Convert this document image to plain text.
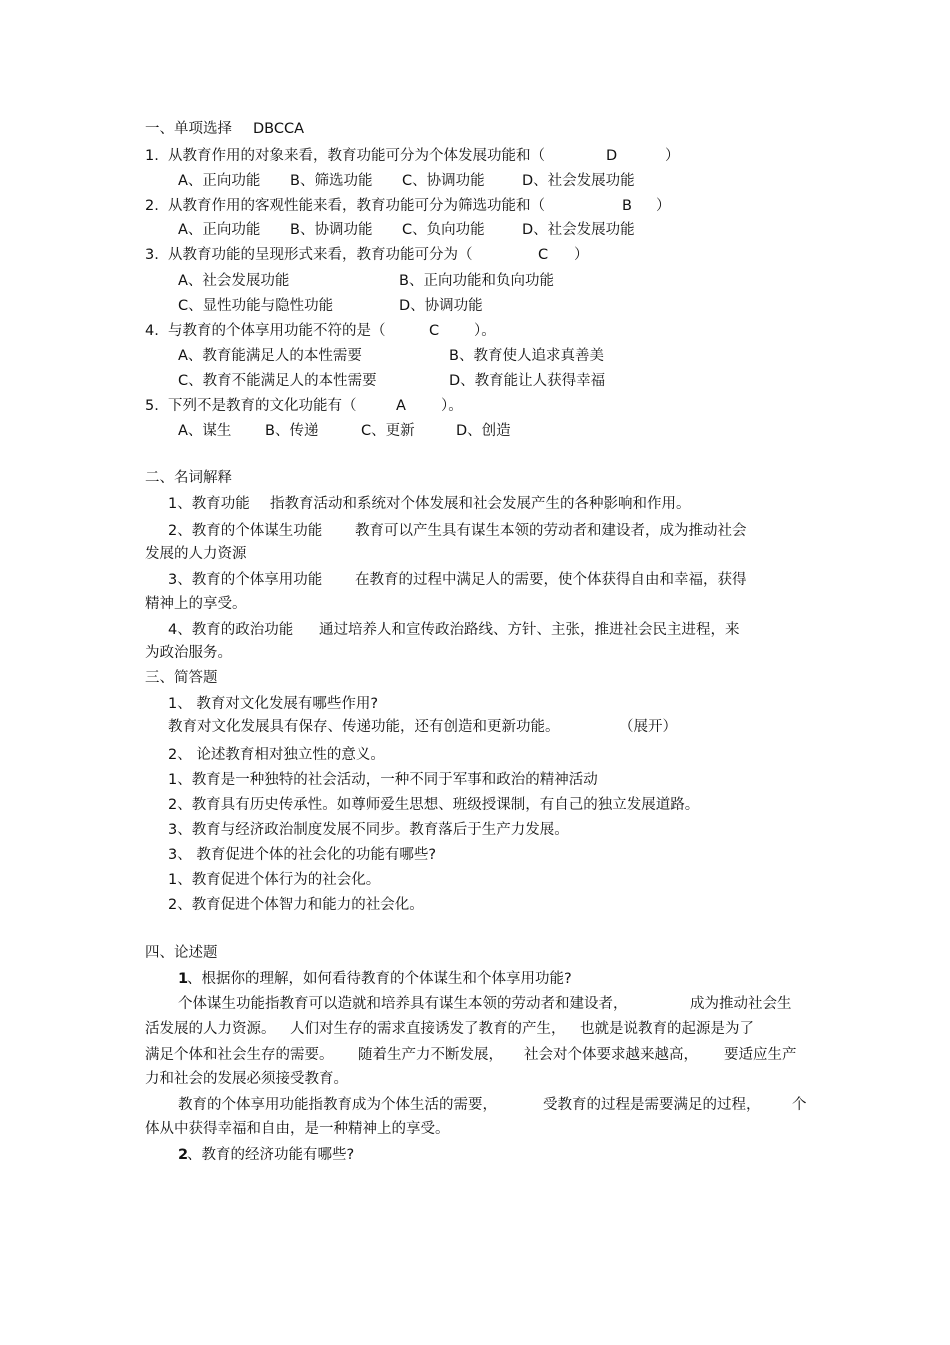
一、单项选择 DBCCA
1.  从教育作用的对象来看，教育功能可分为个体发展功能和（	D	）
A、正向功能 B、筛选功能 C、协调功能	D、社会发展功能
2.  从教育作用的客观性能来看，教育功能可分为筛选功能和（	B ）
A、正向功能 B、协调功能 C、负向功能	D、社会发展功能
3.  从教育功能的呈现形式来看，教育功能可分为（	C ）
A、社会发展功能	B、正向功能和负向功能
C、显性功能与隐性功能	D、协调功能
4.  与教育的个体享用功能不符的是（	C ）。
A、教育能满足人的本性需要	B、教育使人追求真善美
C、教育不能满足人的本性需要	D、教育能让人获得幸福
5.  下列不是教育的文化功能有（	A ）。
A、谋生 B、传递	C、更新	D、创造
二、名词解释
1、教育功能 指教育活动和系统对个体发展和社会发展产生的各种影响和作用。
2、教育的个体谋生功能 教育可以产生具有谋生本领的劳动者和建设者，成为推动社会
发展的人力资源
3、教育的个体享用功能 在教育的过程中满足人的需要，使个体获得自由和幸福，获得
精神上的享受。
4、教育的政治功能 通过培养人和宣传政治路线、方针、主张，推进社会民主进程，来
为政治服务。
三、简答题
1、 教育对文化发展有哪些作用?
教育对文化发展具有保存、传递功能，还有创造和更新功能。	（展开）
2、 论述教育相对独立性的意义。
1、教育是一种独特的社会活动，一种不同于军事和政治的精神活动
2、教育具有历史传承性。如尊师爱生思想、班级授课制，有自己的独立发展道路。
3、教育与经济政治制度发展不同步。教育落后于生产力发展。
3、 教育促进个体的社会化的功能有哪些?
1、教育促进个体行为的社会化。
2、教育促进个体智力和能力的社会化。
四、论述题
1
、根据你的理解，如何看待教育的个体谋生和个体享用功能?
个体谋生功能指教育可以造就和培养具有谋生本领的劳动者和建设者，	成为推动社会生
活发展的人力资源。 人们对生存的需求直接诱发了教育的产生， 也就是说教育的起源是为了
满足个体和社会生存的需要。 随着生产力不断发展， 社会对个体要求越来越高， 要适应生产
力和社会的发展必须接受教育。
教育的个体享用功能指教育成为个体生活的需要，	受教育的过程是需要满足的过程， 个
体从中获得幸福和自由，是一种精神上的享受。
2
、教育的经济功能有哪些?
